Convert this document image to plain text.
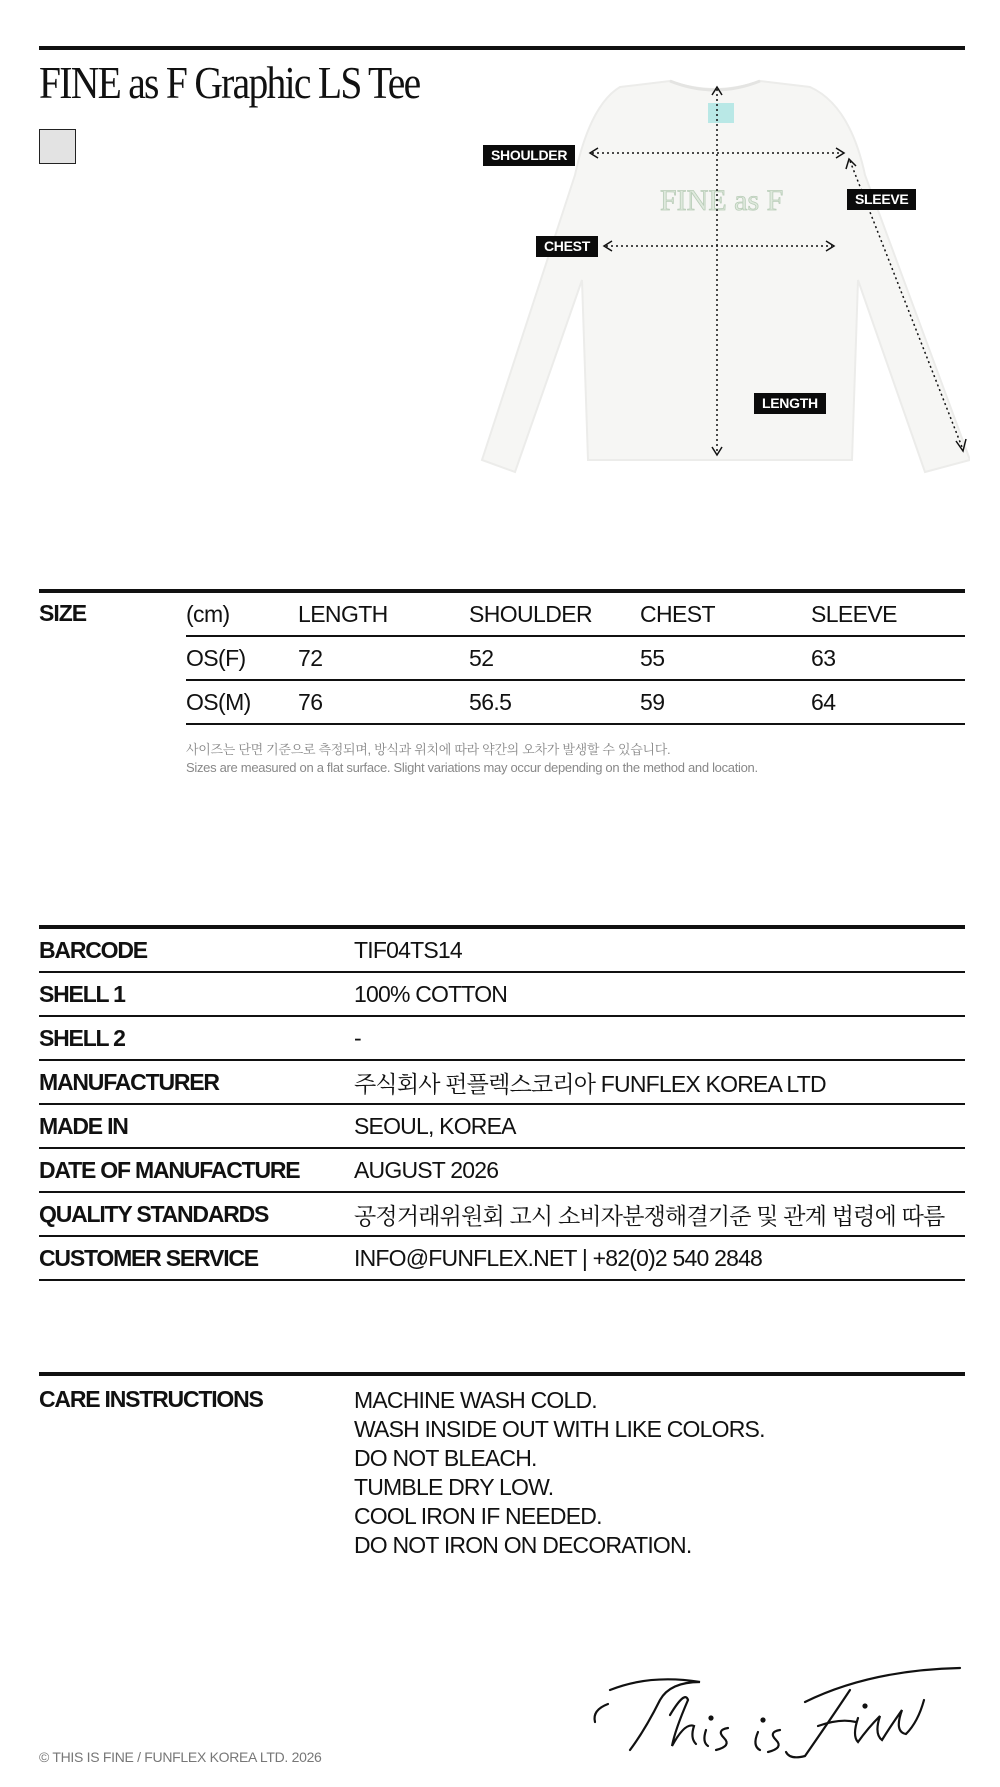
FINE as F Graphic LS Tee
FINE as F
SHOULDER
SLEEVE
CHEST
LENGTH
SIZE	(cm)	LENGTH	SHOULDER	CHEST	SLEEVE
OS(F)	72	52	55	63
OS(M)	76	56.5	59	64
사이즈는 단면 기준으로 측정되며, 방식과 위치에 따라 약간의 오차가 발생할 수 있습니다.
Sizes are measured on a flat surface. Slight variations may occur depending on the method and location.
BARCODE	TIF04TS14
SHELL 1	100% COTTON
SHELL 2	-
MANUFACTURER	주식회사 펀플렉스코리아 FUNFLEX KOREA LTD
MADE IN	SEOUL, KOREA
DATE OF MANUFACTURE	AUGUST 2026
QUALITY STANDARDS	공정거래위원회 고시 소비자분쟁해결기준 및 관계 법령에 따름
CUSTOMER SERVICE	INFO@FUNFLEX.NET | +82(0)2 540 2848
CARE INSTRUCTIONS	MACHINE WASH COLD.
WASH INSIDE OUT WITH LIKE COLORS.
DO NOT BLEACH.
TUMBLE DRY LOW.
COOL IRON IF NEEDED.
DO NOT IRON ON DECORATION.
© THIS IS FINE / FUNFLEX KOREA LTD. 2026
